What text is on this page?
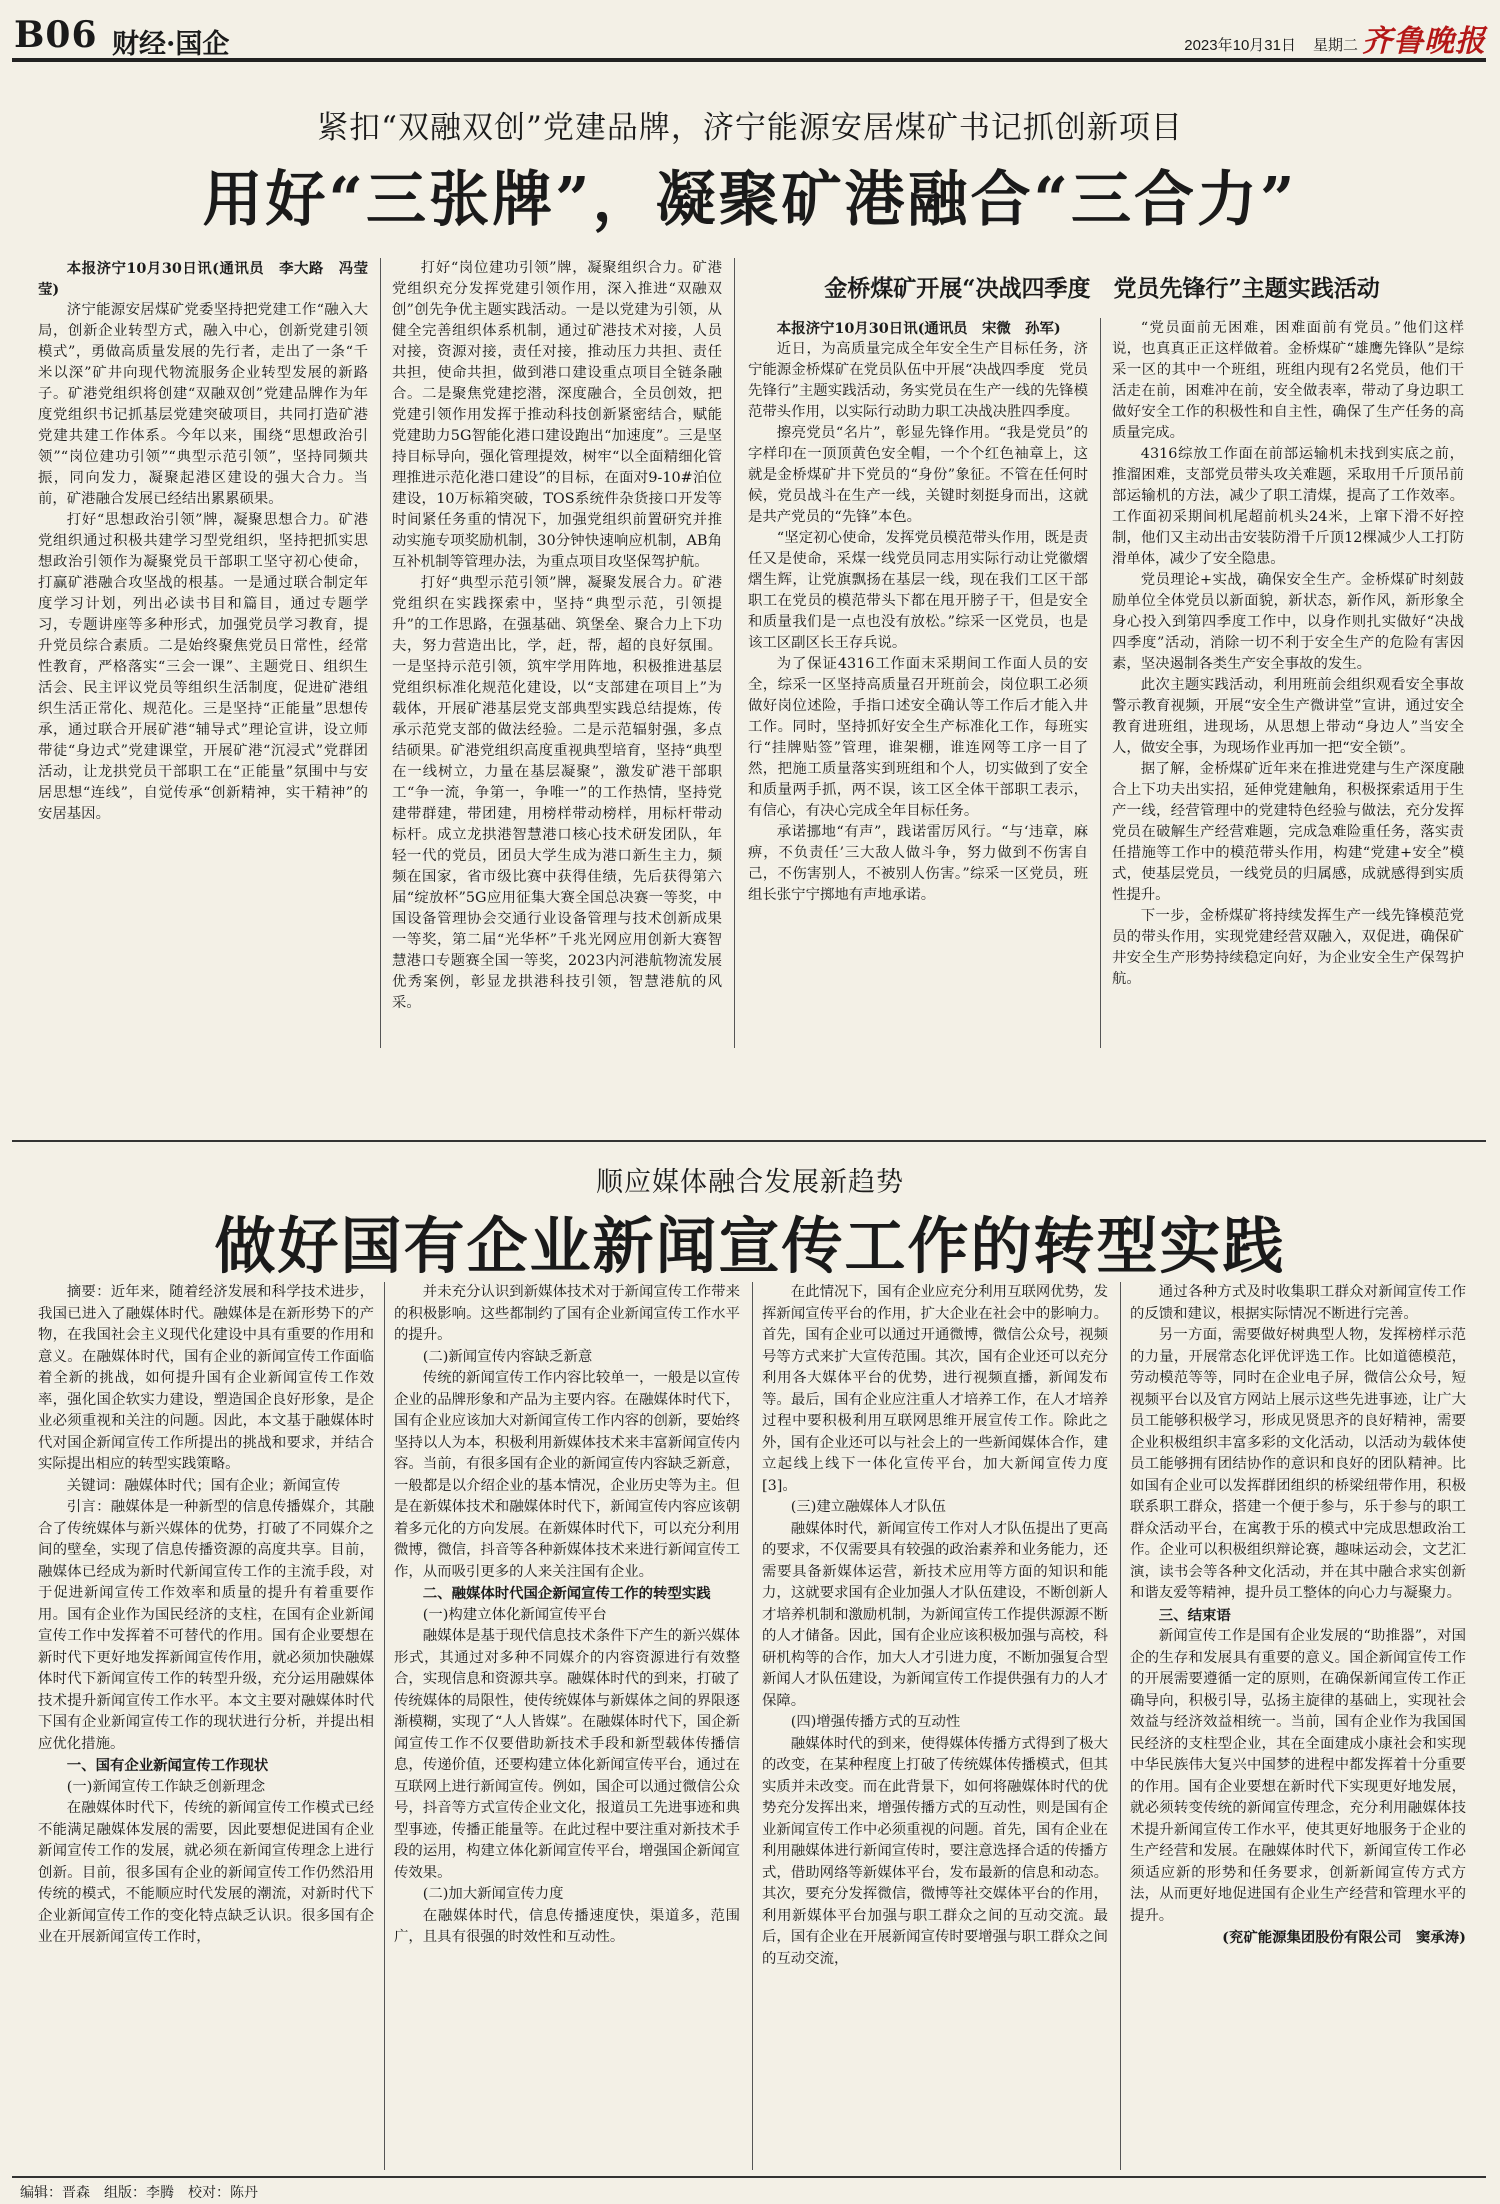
B06 财经·国企	2023年10月31日 星期二 齐鲁晚报
紧扣“双融双创”党建品牌，济宁能源安居煤矿书记抓创新项目
用好“三张牌”，凝聚矿港融合“三合力”

本报济宁10月30日讯(通讯员　李大路　冯莹莹)

济宁能源安居煤矿党委坚持把党建工作“融入大局，创新企业转型方式，融入中心，创新党建引领模式”，勇做高质量发展的先行者，走出了一条“千米以深”矿井向现代物流服务企业转型发展的新路子。矿港党组织将创建“双融双创”党建品牌作为年度党组织书记抓基层党建突破项目，共同打造矿港党建共建工作体系。今年以来，围绕“思想政治引领”“岗位建功引领”“典型示范引领”，坚持同频共振，同向发力，凝聚起港区建设的强大合力。当前，矿港融合发展已经结出累累硕果。

打好“思想政治引领”牌，凝聚思想合力。矿港党组织通过积极共建学习型党组织，坚持把抓实思想政治引领作为凝聚党员干部职工坚守初心使命，打赢矿港融合攻坚战的根基。一是通过联合制定年度学习计划，列出必读书目和篇目，通过专题学习，专题讲座等多种形式，加强党员学习教育，提升党员综合素质。二是始终聚焦党员日常性，经常性教育，严格落实“三会一课”、主题党日、组织生活会、民主评议党员等组织生活制度，促进矿港组织生活正常化、规范化。三是坚持“正能量”思想传承，通过联合开展矿港“辅导式”理论宣讲，设立师带徒“身边式”党建课堂，开展矿港“沉浸式”党群团活动，让龙拱党员干部职工在“正能量”氛围中与安居思想“连线”，自觉传承“创新精神，实干精神”的安居基因。

打好“岗位建功引领”牌，凝聚组织合力。矿港党组织充分发挥党建引领作用，深入推进“双融双创”创先争优主题实践活动。一是以党建为引领，从健全完善组织体系机制，通过矿港技术对接，人员对接，资源对接，责任对接，推动压力共担、责任共担，使命共担，做到港口建设重点项目全链条融合。二是聚焦党建挖潜，深度融合，全员创效，把党建引领作用发挥于推动科技创新紧密结合，赋能党建助力5G智能化港口建设跑出“加速度”。三是坚持目标导向，强化管理提效，树牢“以全面精细化管理推进示范化港口建设”的目标，在面对9-10#泊位建设，10万标箱突破，TOS系统件杂货接口开发等时间紧任务重的情况下，加强党组织前置研究并推动实施专项奖励机制，30分钟快速响应机制，AB角互补机制等管理办法，为重点项目攻坚保驾护航。

打好“典型示范引领”牌，凝聚发展合力。矿港党组织在实践探索中，坚持“典型示范，引领提升”的工作思路，在强基础、筑堡垒、聚合力上下功夫，努力营造出比，学，赶，帮，超的良好氛围。一是坚持示范引领，筑牢学用阵地，积极推进基层党组织标准化规范化建设，以“支部建在项目上”为载体，开展矿港基层党支部典型实践总结提炼，传承示范党支部的做法经验。二是示范辐射强，多点结硕果。矿港党组织高度重视典型培育，坚持“典型在一线树立，力量在基层凝聚”，激发矿港干部职工“争一流，争第一，争唯一”的工作热情，坚持党建带群建，带团建，用榜样带动榜样，用标杆带动标杆。成立龙拱港智慧港口核心技术研发团队，年轻一代的党员，团员大学生成为港口新生主力，频频在国家，省市级比赛中获得佳绩，先后获得第六届“绽放杯”5G应用征集大赛全国总决赛一等奖，中国设备管理协会交通行业设备管理与技术创新成果一等奖，第二届“光华杯”千兆光网应用创新大赛智慧港口专题赛全国一等奖，2023内河港航物流发展优秀案例，彰显龙拱港科技引领，智慧港航的风采。

金桥煤矿开展“决战四季度　党员先锋行”主题实践活动

本报济宁10月30日讯(通讯员　宋微　孙军)

近日，为高质量完成全年安全生产目标任务，济宁能源金桥煤矿在党员队伍中开展“决战四季度　党员先锋行”主题实践活动，务实党员在生产一线的先锋模范带头作用，以实际行动助力职工决战决胜四季度。

擦亮党员“名片”，彰显先锋作用。“我是党员”的字样印在一顶顶黄色安全帽，一个个红色袖章上，这就是金桥煤矿井下党员的“身份”象征。不管在任何时候，党员战斗在生产一线，关键时刻挺身而出，这就是共产党员的“先锋”本色。

“坚定初心使命，发挥党员模范带头作用，既是责任又是使命，采煤一线党员同志用实际行动让党徽熠熠生辉，让党旗飘扬在基层一线，现在我们工区干部职工在党员的模范带头下都在甩开膀子干，但是安全和质量我们是一点也没有放松。”综采一区党员，也是该工区副区长王存兵说。

为了保证4316工作面末采期间工作面人员的安全，综采一区坚持高质量召开班前会，岗位职工必须做好岗位述险，手指口述安全确认等工作后才能入井工作。同时，坚持抓好安全生产标准化工作，每班实行“挂牌贴签”管理，谁架棚，谁连网等工序一目了然，把施工质量落实到班组和个人，切实做到了安全和质量两手抓，两不误，该工区全体干部职工表示，有信心，有决心完成全年目标任务。

承诺挪地“有声”，践诺雷厉风行。“与‘违章，麻痹，不负责任’三大敌人做斗争，努力做到不伤害自己，不伤害别人，不被别人伤害。”综采一区党员，班组长张宁宁掷地有声地承诺。

“党员面前无困难，困难面前有党员。”他们这样说，也真真正正这样做着。金桥煤矿“雄鹰先锋队”是综采一区的其中一个班组，班组内现有2名党员，他们干活走在前，困难冲在前，安全做表率，带动了身边职工做好安全工作的积极性和自主性，确保了生产任务的高质量完成。

4316综放工作面在前部运输机未找到实底之前，推溜困难，支部党员带头攻关难题，采取用千斤顶吊前部运输机的方法，减少了职工清煤，提高了工作效率。工作面初采期间机尾超前机头24米，上窜下滑不好控制，他们又主动出击安装防滑千斤顶12棵减少人工打防滑单体，减少了安全隐患。

党员理论+实战，确保安全生产。金桥煤矿时刻鼓励单位全体党员以新面貌，新状态，新作风，新形象全身心投入到第四季度工作中，以身作则扎实做好“决战四季度”活动，消除一切不利于安全生产的危险有害因素，坚决遏制各类生产安全事故的发生。

此次主题实践活动，利用班前会组织观看安全事故警示教育视频，开展“安全生产微讲堂”宣讲，通过安全教育进班组，进现场，从思想上带动“身边人”当安全人，做安全事，为现场作业再加一把“安全锁”。

据了解，金桥煤矿近年来在推进党建与生产深度融合上下功夫出实招，延伸党建触角，积极探索适用于生产一线，经营管理中的党建特色经验与做法，充分发挥党员在破解生产经营难题，完成急难险重任务，落实责任措施等工作中的模范带头作用，构建“党建+安全”模式，使基层党员，一线党员的归属感，成就感得到实质性提升。

下一步，金桥煤矿将持续发挥生产一线先锋模范党员的带头作用，实现党建经营双融入，双促进，确保矿井安全生产形势持续稳定向好，为企业安全生产保驾护航。

顺应媒体融合发展新趋势
做好国有企业新闻宣传工作的转型实践

摘要：近年来，随着经济发展和科学技术进步，我国已进入了融媒体时代。融媒体是在新形势下的产物，在我国社会主义现代化建设中具有重要的作用和意义。在融媒体时代，国有企业的新闻宣传工作面临着全新的挑战，如何提升国有企业新闻宣传工作效率，强化国企软实力建设，塑造国企良好形象，是企业必须重视和关注的问题。因此，本文基于融媒体时代对国企新闻宣传工作所提出的挑战和要求，并结合实际提出相应的转型实践策略。

关键词：融媒体时代；国有企业；新闻宣传

引言：融媒体是一种新型的信息传播媒介，其融合了传统媒体与新兴媒体的优势，打破了不同媒介之间的壁垒，实现了信息传播资源的高度共享。目前，融媒体已经成为新时代新闻宣传工作的主流手段，对于促进新闻宣传工作效率和质量的提升有着重要作用。国有企业作为国民经济的支柱，在国有企业新闻宣传工作中发挥着不可替代的作用。国有企业要想在新时代下更好地发挥新闻宣传作用，就必须加快融媒体时代下新闻宣传工作的转型升级，充分运用融媒体技术提升新闻宣传工作水平。本文主要对融媒体时代下国有企业新闻宣传工作的现状进行分析，并提出相应优化措施。

一、国有企业新闻宣传工作现状

(一)新闻宣传工作缺乏创新理念

在融媒体时代下，传统的新闻宣传工作模式已经不能满足融媒体发展的需要，因此要想促进国有企业新闻宣传工作的发展，就必须在新闻宣传理念上进行创新。目前，很多国有企业的新闻宣传工作仍然沿用传统的模式，不能顺应时代发展的潮流，对新时代下企业新闻宣传工作的变化特点缺乏认识。很多国有企业在开展新闻宣传工作时，

并未充分认识到新媒体技术对于新闻宣传工作带来的积极影响。这些都制约了国有企业新闻宣传工作水平的提升。

(二)新闻宣传内容缺乏新意

传统的新闻宣传工作内容比较单一，一般是以宣传企业的品牌形象和产品为主要内容。在融媒体时代下，国有企业应该加大对新闻宣传工作内容的创新，要始终坚持以人为本，积极利用新媒体技术来丰富新闻宣传内容。当前，有很多国有企业的新闻宣传内容缺乏新意，一般都是以介绍企业的基本情况，企业历史等为主。但是在新媒体技术和融媒体时代下，新闻宣传内容应该朝着多元化的方向发展。在新媒体时代下，可以充分利用微博，微信，抖音等各种新媒体技术来进行新闻宣传工作，从而吸引更多的人来关注国有企业。

二、融媒体时代国企新闻宣传工作的转型实践

(一)构建立体化新闻宣传平台

融媒体是基于现代信息技术条件下产生的新兴媒体形式，其通过对多种不同媒介的内容资源进行有效整合，实现信息和资源共享。融媒体时代的到来，打破了传统媒体的局限性，使传统媒体与新媒体之间的界限逐渐模糊，实现了“人人皆媒”。在融媒体时代下，国企新闻宣传工作不仅要借助新技术手段和新型载体传播信息，传递价值，还要构建立体化新闻宣传平台，通过在互联网上进行新闻宣传。例如，国企可以通过微信公众号，抖音等方式宣传企业文化，报道员工先进事迹和典型事迹，传播正能量等。在此过程中要注重对新技术手段的运用，构建立体化新闻宣传平台，增强国企新闻宣传效果。

(二)加大新闻宣传力度

在融媒体时代，信息传播速度快，渠道多，范围广，且具有很强的时效性和互动性。

在此情况下，国有企业应充分利用互联网优势，发挥新闻宣传平台的作用，扩大企业在社会中的影响力。首先，国有企业可以通过开通微博，微信公众号，视频号等方式来扩大宣传范围。其次，国有企业还可以充分利用各大媒体平台的优势，进行视频直播，新闻发布等。最后，国有企业应注重人才培养工作，在人才培养过程中要积极利用互联网思维开展宣传工作。除此之外，国有企业还可以与社会上的一些新闻媒体合作，建立起线上线下一体化宣传平台，加大新闻宣传力度[3]。

(三)建立融媒体人才队伍

融媒体时代，新闻宣传工作对人才队伍提出了更高的要求，不仅需要具有较强的政治素养和业务能力，还需要具备新媒体运营，新技术应用等方面的知识和能力，这就要求国有企业加强人才队伍建设，不断创新人才培养机制和激励机制，为新闻宣传工作提供源源不断的人才储备。因此，国有企业应该积极加强与高校，科研机构等的合作，加大人才引进力度，不断加强复合型新闻人才队伍建设，为新闻宣传工作提供强有力的人才保障。

(四)增强传播方式的互动性

融媒体时代的到来，使得媒体传播方式得到了极大的改变，在某种程度上打破了传统媒体传播模式，但其实质并未改变。而在此背景下，如何将融媒体时代的优势充分发挥出来，增强传播方式的互动性，则是国有企业新闻宣传工作中必须重视的问题。首先，国有企业在利用融媒体进行新闻宣传时，要注意选择合适的传播方式，借助网络等新媒体平台，发布最新的信息和动态。其次，要充分发挥微信，微博等社交媒体平台的作用，利用新媒体平台加强与职工群众之间的互动交流。最后，国有企业在开展新闻宣传时要增强与职工群众之间的互动交流，

通过各种方式及时收集职工群众对新闻宣传工作的反馈和建议，根据实际情况不断进行完善。

另一方面，需要做好树典型人物，发挥榜样示范的力量，开展常态化评优评选工作。比如道德模范，劳动模范等等，同时在企业电子屏，微信公众号，短视频平台以及官方网站上展示这些先进事迹，让广大员工能够积极学习，形成见贤思齐的良好精神，需要企业积极组织丰富多彩的文化活动，以活动为载体使员工能够拥有团结协作的意识和良好的团队精神。比如国有企业可以发挥群团组织的桥梁纽带作用，积极联系职工群众，搭建一个便于参与，乐于参与的职工群众活动平台，在寓教于乐的模式中完成思想政治工作。企业可以积极组织辩论赛，趣味运动会，文艺汇演，读书会等各种文化活动，并在其中融合求实创新和谐友爱等精神，提升员工整体的向心力与凝聚力。

三、结束语

新闻宣传工作是国有企业发展的“助推器”，对国企的生存和发展具有重要的意义。国企新闻宣传工作的开展需要遵循一定的原则，在确保新闻宣传工作正确导向，积极引导，弘扬主旋律的基础上，实现社会效益与经济效益相统一。当前，国有企业作为我国国民经济的支柱型企业，其在全面建成小康社会和实现中华民族伟大复兴中国梦的进程中都发挥着十分重要的作用。国有企业要想在新时代下实现更好地发展，就必须转变传统的新闻宣传理念，充分利用融媒体技术提升新闻宣传工作水平，使其更好地服务于企业的生产经营和发展。在融媒体时代下，新闻宣传工作必须适应新的形势和任务要求，创新新闻宣传方式方法，从而更好地促进国有企业生产经营和管理水平的提升。

(兖矿能源集团股份有限公司　窦承涛)

编辑：晋森　组版：李腾　校对：陈丹
